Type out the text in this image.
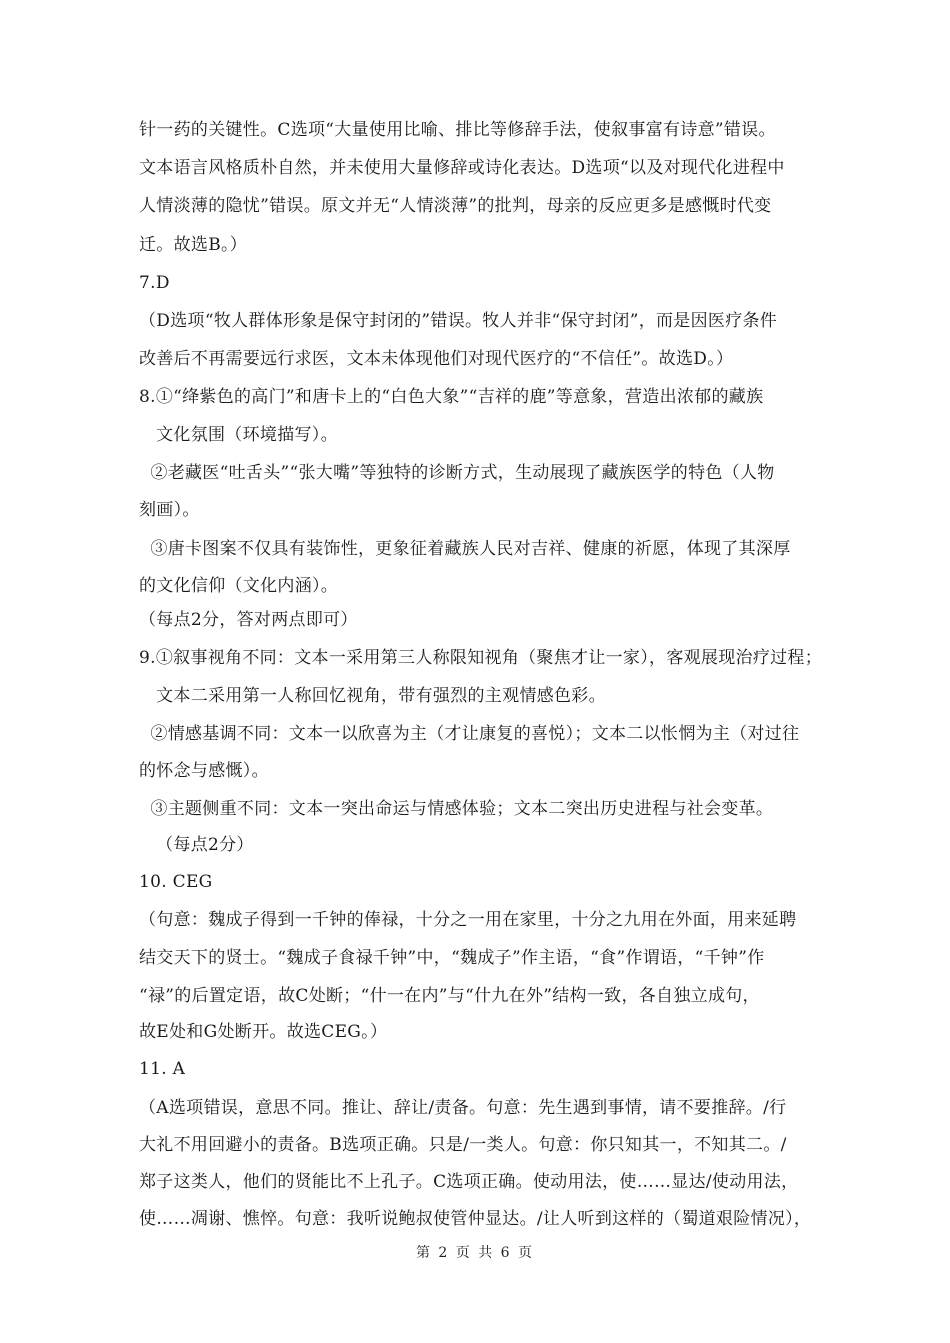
针一药的关键性。C选项“大量使用比喻、排比等修辞手法，使叙事富有诗意”错误。
文本语言风格质朴自然，并未使用大量修辞或诗化表达。D选项“以及对现代化进程中
人情淡薄的隐忧”错误。原文并无“人情淡薄”的批判，母亲的反应更多是感慨时代变
迁。故选B。）
7.D
（D选项“牧人群体形象是保守封闭的”错误。牧人并非“保守封闭”，而是因医疗条件
改善后不再需要远行求医，文本未体现他们对现代医疗的“不信任”。故选D。）
8.①“绛紫色的高门”和唐卡上的“白色大象”“吉祥的鹿”等意象，营造出浓郁的藏族
文化氛围（环境描写）。
②老藏医“吐舌头”“张大嘴”等独特的诊断方式，生动展现了藏族医学的特色（人物
刻画）。
③唐卡图案不仅具有装饰性，更象征着藏族人民对吉祥、健康的祈愿，体现了其深厚
的文化信仰（文化内涵）。
（每点2分，答对两点即可）
9.①叙事视角不同：文本一采用第三人称限知视角（聚焦才让一家），客观展现治疗过程；
文本二采用第一人称回忆视角，带有强烈的主观情感色彩。
②情感基调不同：文本一以欣喜为主（才让康复的喜悦）；文本二以怅惘为主（对过往
的怀念与感慨）。
③主题侧重不同：文本一突出命运与情感体验；文本二突出历史进程与社会变革。
（每点2分）
10. CEG
（句意：魏成子得到一千钟的俸禄，十分之一用在家里，十分之九用在外面，用来延聘
结交天下的贤士。“魏成子食禄千钟”中，“魏成子”作主语，“食”作谓语，“千钟”作
“禄”的后置定语，故C处断；“什一在内”与“什九在外”结构一致，各自独立成句，
故E处和G处断开。故选CEG。）
11. A
（A选项错误，意思不同。推让、辞让/责备。句意：先生遇到事情，请不要推辞。/行
大礼不用回避小的责备。B选项正确。只是/一类人。句意：你只知其一，不知其二。/
郑子这类人，他们的贤能比不上孔子。C选项正确。使动用法，使……显达/使动用法，
使……凋谢、憔悴。句意：我听说鲍叔使管仲显达。/让人听到这样的（蜀道艰险情况），
第 2 页 共 6 页
